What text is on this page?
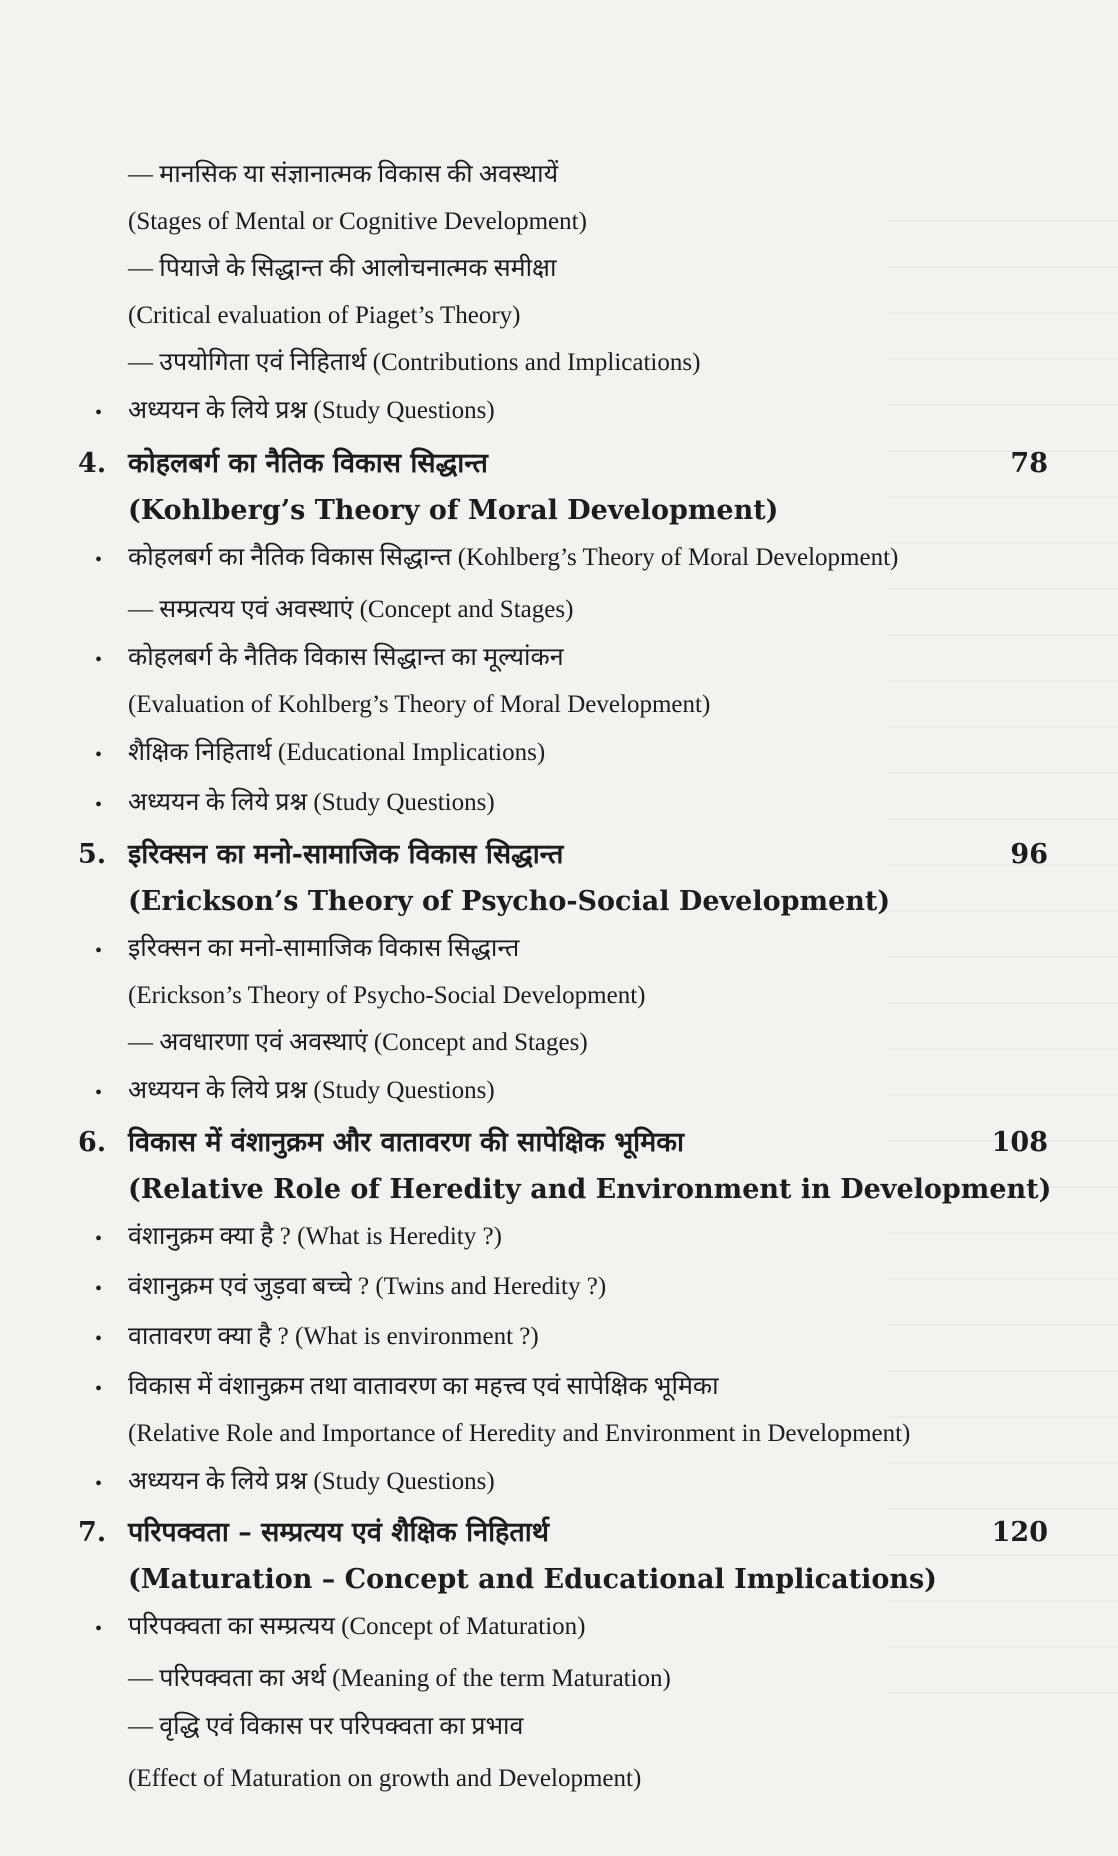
— मानसिक या संज्ञानात्मक विकास की अवस्थायें
(Stages of Mental or Cognitive Development)
— पियाजे के सिद्धान्त की आलोचनात्मक समीक्षा
(Critical evaluation of Piaget’s Theory)
— उपयोगिता एवं निहितार्थ (Contributions and Implications)
• अध्ययन के लिये प्रश्न (Study Questions)
4. कोहलबर्ग का नैतिक विकास सिद्धान्त	78
(Kohlberg’s Theory of Moral Development)
• कोहलबर्ग का नैतिक विकास सिद्धान्त (Kohlberg’s Theory of Moral Development)
— सम्प्रत्यय एवं अवस्थाएं (Concept and Stages)
• कोहलबर्ग के नैतिक विकास सिद्धान्त का मूल्यांकन
(Evaluation of Kohlberg’s Theory of Moral Development)
• शैक्षिक निहितार्थ (Educational Implications)
• अध्ययन के लिये प्रश्न (Study Questions)
5. इरिक्सन का मनो-सामाजिक विकास सिद्धान्त	96
(Erickson’s Theory of Psycho-Social Development)
• इरिक्सन का मनो-सामाजिक विकास सिद्धान्त
(Erickson’s Theory of Psycho-Social Development)
— अवधारणा एवं अवस्थाएं (Concept and Stages)
• अध्ययन के लिये प्रश्न (Study Questions)
6. विकास में वंशानुक्रम और वातावरण की सापेक्षिक भूमिका	108
(Relative Role of Heredity and Environment in Development)
• वंशानुक्रम क्या है ? (What is Heredity ?)
• वंशानुक्रम एवं जुड़वा बच्चे ? (Twins and Heredity ?)
• वातावरण क्या है ? (What is environment ?)
• विकास में वंशानुक्रम तथा वातावरण का महत्त्व एवं सापेक्षिक भूमिका
(Relative Role and Importance of Heredity and Environment in Development)
• अध्ययन के लिये प्रश्न (Study Questions)
7. परिपक्वता – सम्प्रत्यय एवं शैक्षिक निहितार्थ	120
(Maturation – Concept and Educational Implications)
• परिपक्वता का सम्प्रत्यय (Concept of Maturation)
— परिपक्वता का अर्थ (Meaning of the term Maturation)
— वृद्धि एवं विकास पर परिपक्वता का प्रभाव
(Effect of Maturation on growth and Development)
